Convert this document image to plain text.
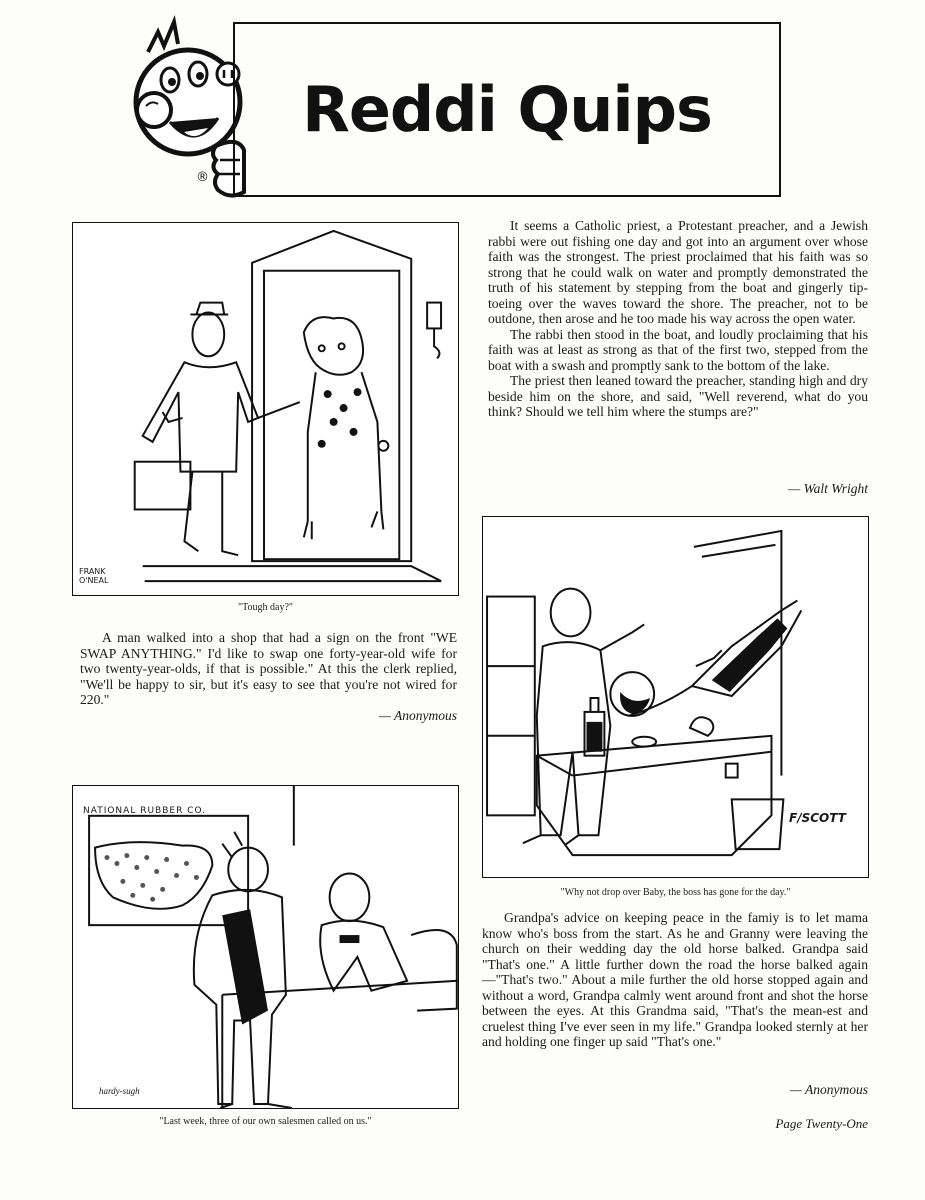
®
Reddi Quips
FRANK O'NEAL
"Tough day?"

A man walked into a shop that had a sign on the front "WE SWAP ANYTHING." I'd like to swap one forty-year-old wife for two twenty-year-olds, if that is possible." At this the clerk replied, "We'll be happy to sir, but it's easy to see that you're not wired for 220."

— Anonymous
NATIONAL RUBBER CO.
hardy-sugh
"Last week, three of our own salesmen called on us."

It seems a Catholic priest, a Protestant preacher, and a Jewish rabbi were out fishing one day and got into an argument over whose faith was the strongest. The priest proclaimed that his faith was so strong that he could walk on water and promptly demonstrated the truth of his statement by stepping from the boat and gingerly tip-toeing over the waves toward the shore. The preacher, not to be outdone, then arose and he too made his way across the open water.

The rabbi then stood in the boat, and loudly proclaiming that his faith was at least as strong as that of the first two, stepped from the boat with a swash and promptly sank to the bottom of the lake.

The priest then leaned toward the preacher, standing high and dry beside him on the shore, and said, "Well reverend, what do you think? Should we tell him where the stumps are?"

— Walt Wright
F/SCOTT
"Why not drop over Baby, the boss has gone for the day."

Grandpa's advice on keeping peace in the famiy is to let mama know who's boss from the start. As he and Granny were leaving the church on their wedding day the old horse balked. Grandpa said "That's one." A little further down the road the horse balked again—"That's two." About a mile further the old horse stopped again and without a word, Grandpa calmly went around front and shot the horse between the eyes. At this Grandma said, "That's the mean-est and cruelest thing I've ever seen in my life." Grandpa looked sternly at her and holding one finger up said "That's one."

— Anonymous
Page Twenty-One
